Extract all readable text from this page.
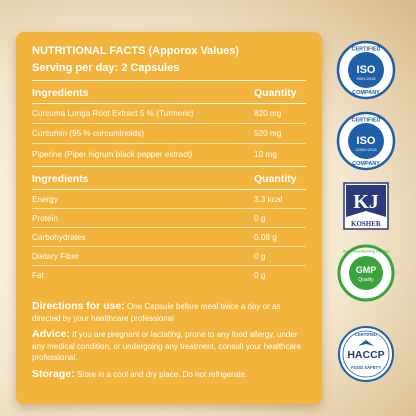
NUTRITIONAL FACTS (Apporox Values)
Serving per day: 2 Capsules
Ingredients	Quantity
Curcuma Longa Root Extract 5 % (Turmeric)	820 mg
Curcumin (95 % curcuminoids)	520 mg
Piperine (Piper nigrum black pepper extract)	10 mg
Ingredients	Quantity
Energy	3.3 kcal
Protein	0 g
Carbohydrates	0.08 g
Dietary Fiber	0 g
Fat	0 g
Directions for use: One Capsule before meal twice a day or as directed by your healthcare professional
Advice: If you are pregnant or lactating, prone to any food allergy, under any medical condition, or undergoing any treatment, consult your healthcare professional.
Storage: Store in a cool and dry place. Do not refrigerate.
CERTIFIED
ISO
9001:2015
COMPANY
CERTIFIED
ISO
22000:2018
COMPANY
KJ
KOSHER
GMP
Quality
Good Manufacturing Practice
CERTIFIED
HACCP
FOOD SAFETY
